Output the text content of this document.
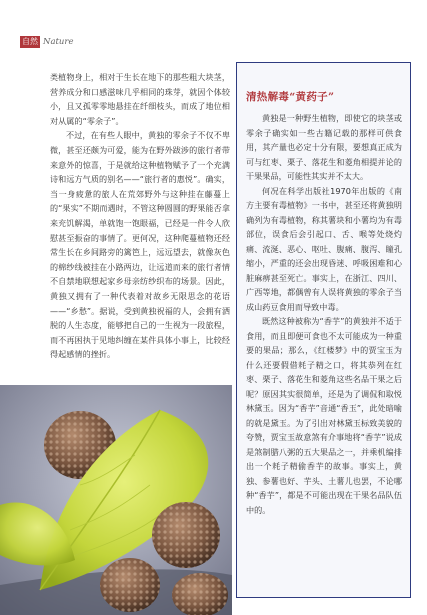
自然 Nature

类植物身上，相对于生长在地下的那些粗大块茎，营养成分和口感滋味几乎相同的珠芽，就因个体较小，且又孤零零地悬挂在纤细枝头，而成了地位相对从属的“零余子”。

不过，在有些人眼中，黄独的零余子不仅不卑微，甚至还颇为可爱，能为在野外跋涉的旅行者带来意外的惊喜，于是就给这种植物赋予了一个充满诗和远方气质的别名——“旅行者的惠悦”。确实，当一身疲惫的旅人在荒郊野外与这种挂在藤蔓上的“果实”不期而遇时，不管这种圆圆的野果能否拿来充饥解渴，单就饱一饱眼福，已经是一件令人欣慰甚至振奋的事情了。更何况，这种爬蔓植物还经常生长在乡间路旁的篱笆上，远远望去，就像灰色的棉纱线被挂在小路两边，让远道而来的旅行者情不自禁地联想起家乡母亲纺纱织布的场景。因此，黄独又拥有了一种代表着对故乡无限思念的花语——“乡愁”。据说，受到黄独祝福的人，会拥有洒脱的人生态度，能够把自己的一生视为一段旅程，而不再困执于见地纠缠在某件具体小事上，比较经得起感情的挫折。

清热解毒“黄药子”

黄独是一种野生植物，即使它的块茎或零余子确实如一些古籍记载的那样可供食用，其产量也必定十分有限，要想真正成为可与红枣、栗子、落花生和菱角相提并论的干果果品，可能性其实并不太大。

何况在科学出版社1970年出版的《南方主要有毒植物》一书中，甚至还将黄独明确列为有毒植物，称其薯块和小薯均为有毒部位，误食后会引起口、舌、喉等处烧灼痛、流涎、恶心、呕吐、腹痛、腹泻、瞳孔缩小，严重的还会出现昏迷、呼吸困难和心脏麻痹甚至死亡。事实上，在浙江、四川、广西等地，都偶曾有人误将黄独的零余子当成山药豆食用而导致中毒。

既然这种被称为“香芋”的黄独并不适于食用，而且即便可食也不太可能成为一种重要的果品；那么，《红楼梦》中的贾宝玉为什么还要假借耗子精之口，将其恭列在红枣、栗子、落花生和菱角这些名品干果之后呢？原因其实很简单，还是为了调侃和取悦林黛玉。因为“香芋”音通“香玉”，此处暗喻的就是黛玉。为了引出对林黛玉标致美貌的夸赞，贾宝玉故意煞有介事地将“香芋”说成是煞制腊八粥的五大果品之一，并乘机编排出一个耗子精偷香芋的故事。事实上，黄独、参薯也好、芋头、土薯儿也罢，不论哪种“香芋”，都是不可能出现在干果名品队伍中的。
